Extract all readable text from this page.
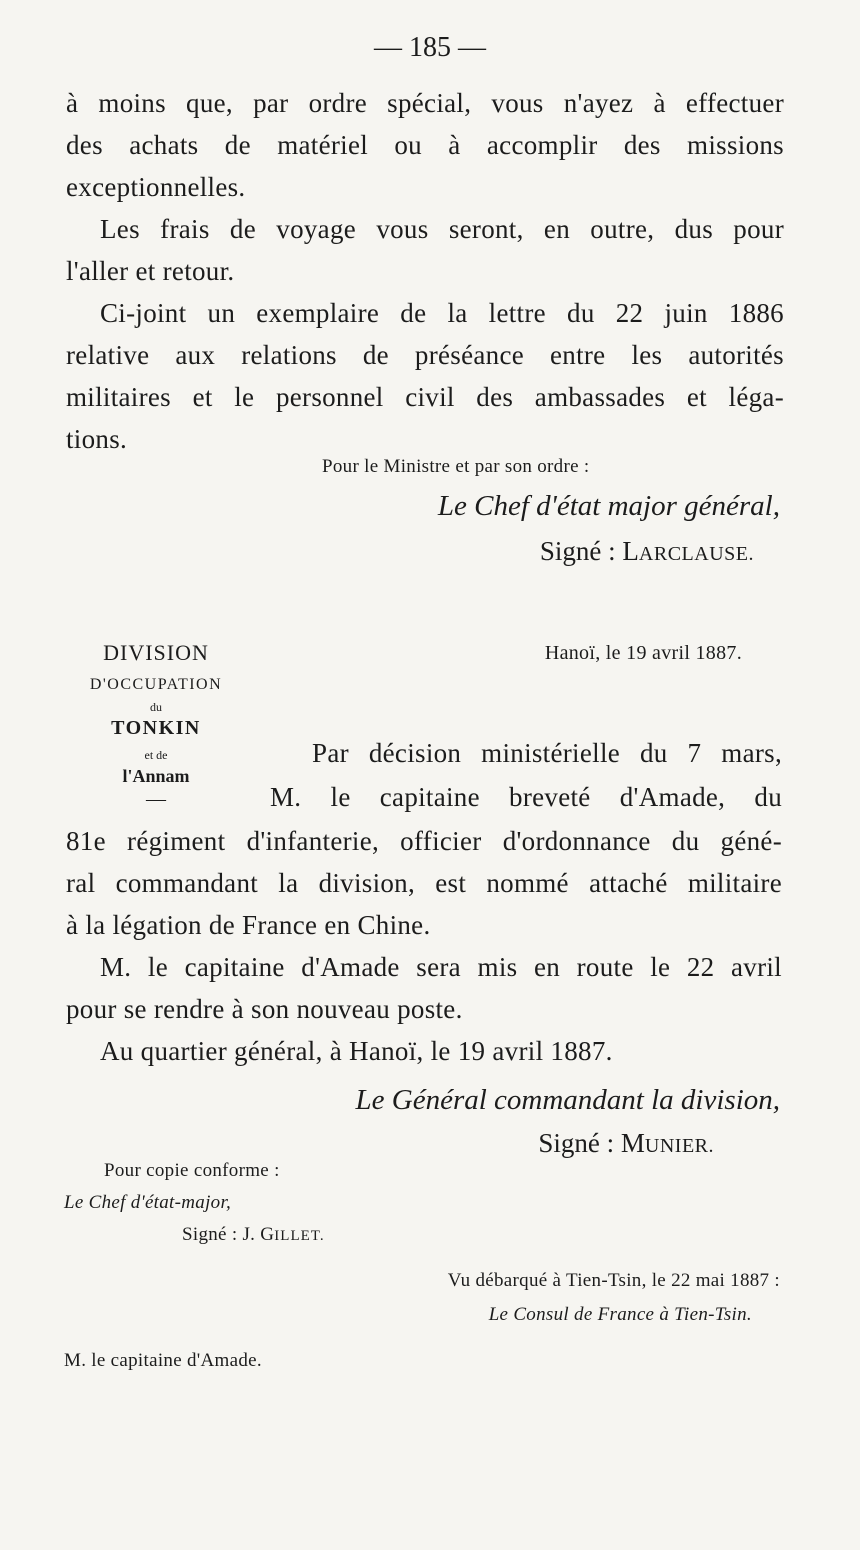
— 185 —
à moins que, par ordre spécial, vous n'ayez à effectuer
des achats de matériel ou à accomplir des missions
exceptionnelles.
Les frais de voyage vous seront, en outre, dus pour
l'aller et retour.
Ci-joint un exemplaire de la lettre du 22 juin 1886
relative aux relations de préséance entre les autorités
militaires et le personnel civil des ambassades et léga-
tions.
Pour le Ministre et par son ordre :
Le Chef d'état major général,
Signé : LARCLAUSE.
DIVISION
D'OCCUPATION
du
TONKIN
et de
l'Annam
—
Hanoï, le 19 avril 1887.
Par décision ministérielle du 7 mars,
M. le capitaine breveté d'Amade, du
81e régiment d'infanterie, officier d'ordonnance du géné-
ral commandant la division, est nommé attaché militaire
à la légation de France en Chine.
M. le capitaine d'Amade sera mis en route le 22 avril
pour se rendre à son nouveau poste.
Au quartier général, à Hanoï, le 19 avril 1887.
Le Général commandant la division,
Signé : MUNIER.
Pour copie conforme :
Le Chef d'état-major,
Signé : J. GILLET.
Vu débarqué à Tien-Tsin, le 22 mai 1887 :
Le Consul de France à Tien-Tsin.
M. le capitaine d'Amade.
